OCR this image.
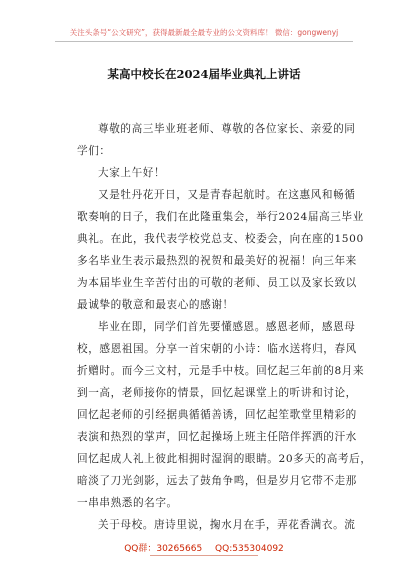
关注头条号“公文研究”，获得最新最全最专业的公文资料库！ 微信：gongwenyj
某高中校长在2024届毕业典礼上讲话

尊敬的高三毕业班老师、尊敬的各位家长、亲爱的同

学们：

大家上午好！

又是牡丹花开日，又是青春起航时。在这惠风和畅循

歌奏响的日子，我们在此隆重集会，举行2024届高三毕业

典礼。在此，我代表学校党总支、校委会，向在座的1500

多名毕业生表示最热烈的祝贺和最美好的祝福！向三年来

为本届毕业生辛苦付出的可敬的老师、员工以及家长致以

最诚挚的敬意和最衷心的感谢！

毕业在即，同学们首先要懂感恩。感恩老师，感恩母

校，感恩祖国。分享一首宋朝的小诗：临水送将归，春风

折赠时。而今三文村，元是手中枝。回忆起三年前的8月来

到一高，老师接你的情景，回忆起课堂上的听讲和讨论，

回忆起老师的引经据典循循善诱，回忆起笙歌堂里精彩的

表演和热烈的掌声，回忆起操场上班主任陪伴挥洒的汗水

回忆起成人礼上彼此相拥时湿润的眼睛。20多天的高考后，

暗淡了刀光剑影，远去了鼓角争鸣，但是岁月它带不走那

一串串熟悉的名字。

关于母校。唐诗里说，掬水月在手，弄花香满衣。流

QQ群：30265665 QQ:535304092
